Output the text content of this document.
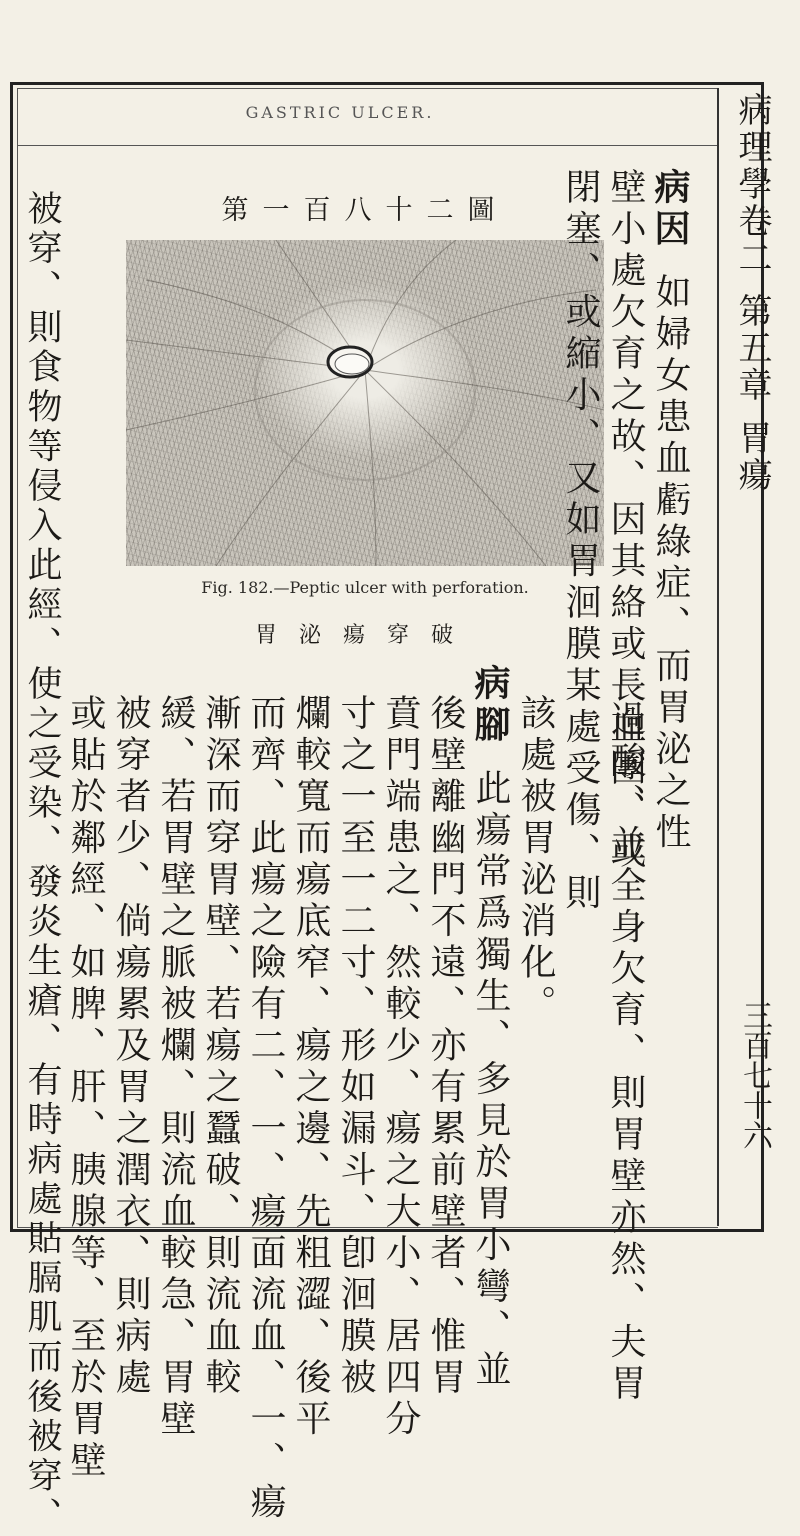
GASTRIC ULCER.	病理學卷二第五章胃瘍
三百七十六
第一百八十二圖
Fig. 182.—Peptic ulcer with perforation.
胃泌瘍穿破
病因如婦女患血虧綠症、而胃泌之性
過酸、並全身欠育、則胃壁亦然、夫胃
壁小處欠育之故、因其絡或長血團、或
閉塞、或縮小、又如胃洄膜某處受傷、則
該處被胃泌消化。
病腳此瘍常爲獨生、多見於胃小彎、並
後壁離幽門不遠、亦有累前壁者、惟胃
賁門端患之、然較少、瘍之大小、居四分
寸之一至一二寸、形如漏斗、卽洄膜被
爛較寬而瘍底窄、瘍之邊、先粗澀、後平
而齊、此瘍之險有二、一、瘍面流血、一、瘍
漸深而穿胃壁、若瘍之蠶破、則流血較
緩、若胃壁之脈被爛、則流血較急、胃壁
被穿者少、倘瘍累及胃之潤衣、則病處
被穿、則食物等侵入此經、使之受染、發炎生瘡、有時病處貼膈肌而後被穿、 或貼於鄰經、如脾、肝、胰腺等、至於胃壁
